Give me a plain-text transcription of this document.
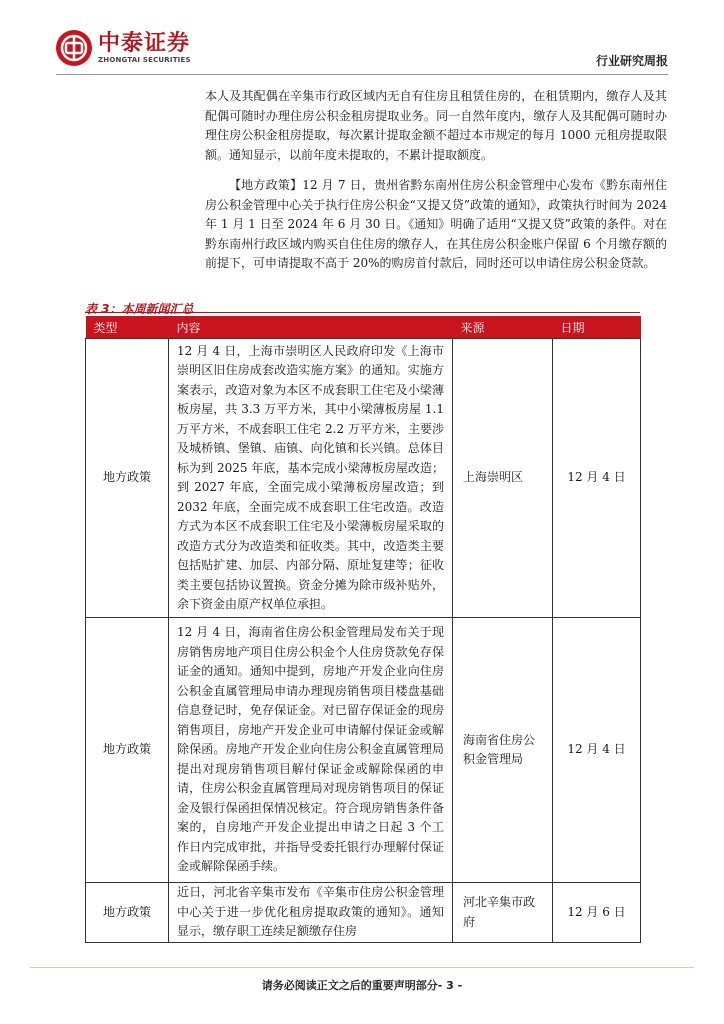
中泰证券
ZHONGTAI SECURITIES	行业研究周报

本人及其配偶在辛集市行政区域内无自有住房且租赁住房的，在租赁期内，缴存人及其配偶可随时办理住房公积金租房提取业务。同一自然年度内，缴存人及其配偶可随时办理住房公积金租房提取，每次累计提取金额不超过本市规定的每月 1000 元租房提取限额。通知显示，以前年度未提取的，不累计提取额度。

【地方政策】12 月 7 日，贵州省黔东南州住房公积金管理中心发布《黔东南州住房公积金管理中心关于执行住房公积金“又提又贷”政策的通知》，政策执行时间为 2024 年 1 月 1 日至 2024 年 6 月 30 日。《通知》明确了适用“又提又贷”政策的条件。对在黔东南州行政区域内购买自住住房的缴存人，在其住房公积金账户保留 6 个月缴存额的前提下，可申请提取不高于 20%的购房首付款后，同时还可以申请住房公积金贷款。

表 3：本周新闻汇总
类型	内容	来源	日期
地方政策	12 月 4 日，上海市崇明区人民政府印发《上海市崇明区旧住房成套改造实施方案》的通知。实施方案表示，改造对象为本区不成套职工住宅及小梁薄板房屋，共 3.3 万平方米，其中小梁薄板房屋 1.1 万平方米，不成套职工住宅 2.2 万平方米，主要涉及城桥镇、堡镇、庙镇、向化镇和长兴镇。总体目标为到 2025 年底，基本完成小梁薄板房屋改造；到 2027 年底，全面完成小梁薄板房屋改造；到 2032 年底，全面完成不成套职工住宅改造。改造方式为本区不成套职工住宅及小梁薄板房屋采取的改造方式分为改造类和征收类。其中，改造类主要包括贴扩建、加层、内部分隔、原址复建等；征收类主要包括协议置换。资金分摊为除市级补贴外，余下资金由原产权单位承担。	上海崇明区	12 月 4 日
地方政策	12 月 4 日，海南省住房公积金管理局发布关于现房销售房地产项目住房公积金个人住房贷款免存保证金的通知。通知中提到，房地产开发企业向住房公积金直属管理局申请办理现房销售项目楼盘基础信息登记时，免存保证金。对已留存保证金的现房销售项目，房地产开发企业可申请解付保证金或解除保函。房地产开发企业向住房公积金直属管理局提出对现房销售项目解付保证金或解除保函的申请，住房公积金直属管理局对现房销售项目的保证金及银行保函担保情况核定。符合现房销售条件备案的，自房地产开发企业提出申请之日起 3 个工作日内完成审批，并指导受委托银行办理解付保证金或解除保函手续。	海南省住房公积金管理局	12 月 4 日
地方政策	近日，河北省辛集市发布《辛集市住房公积金管理中心关于进一步优化租房提取政策的通知》。通知显示，缴存职工连续足额缴存住房	河北辛集市政府	12 月 6 日
请务必阅读正文之后的重要声明部分- 3 -
